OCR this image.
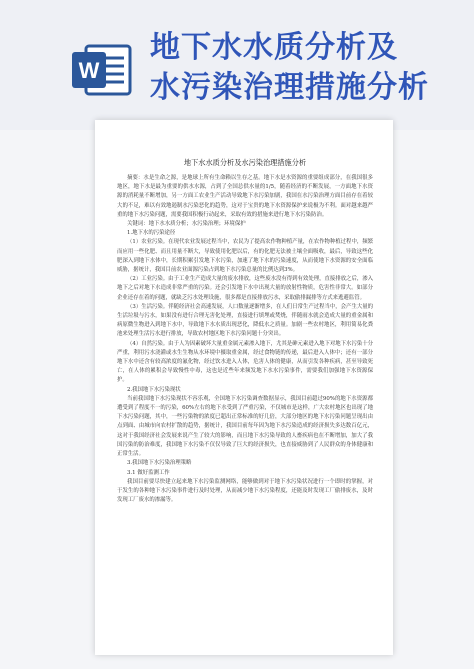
W
地下水水质分析及
水污染治理措施分析

地下水水质分析及水污染治理措施分析

摘要：水是生命之源，是地球上所有生命赖以生存之基。地下水是水资源的重要组成部分，在我国很多地区，地下水是最为重要的供水水源，占到了全国总供水量的1/5，随着经济的不断发展，一方面地下水资源的消耗量不断增加，另一方面工农业生产活动导致地下水污染加剧，我国在水污染治理方面目前存在着较大的不足，难以有效地遏制水污染恶化的趋势，这对于宝贵的地下水资源保护来说极为不利。面对越来越严重的地下水污染问题，需要我国积极行动起来，采取有效的措施来进行地下水污染防治。

关键词：地下水水质分析；水污染治理；环境保护

1.地下水的污染途径

（1）农业污染。在现代农业发展过程当中，农民为了提高农作物种植产量，在农作物种植过程中，频繁而应用一些化肥、而且用量不断大，导致使用化肥以后，有的化肥无法被土壤全面吸收，最后，导致这些化肥深入到地下水体中，长期积累引发地下水污染，加速了地下水的污染速度，从而使地下水资源的安全面临威胁，据统计，我国目前农业面源污染占到地下水污染总量的比例达到3%。

（2）工业污染。由于工业生产造成大量的废水排放，这些废水没有得到有效处理，直接排放之后，渗入地下之后对地下水造成非常严重的污染。还会引发地下水中出现大量的放射性物质，危害性非常大。如部分企业还存在着的问题，就缺乏污水处理设施，很多都是直接排放污水，采取偷排漏排等方式来逃避监管。

（3）生活污染。伴随经济社会高速发展，人口数量逐渐增多，在人们日常生产过程当中，会产生大量的生活垃圾与污水，如果没有进行合理无害化处理，直接进行填埋或焚烧，伴随雨水就会造成大量的重金属和病原微生物进入到地下水中，导致地下水水质出现恶化，降低水之质量。加剧一些农村地区，利用简易化粪池来处理生活污水进行排放，导致农村地区地下水污染问题十分突出。

（4）自然污染。由于人为因素破坏大量重金属元素渗入地下，尤其是砷元素进入地下对地下水污染十分严重，利用污水浇灌或水生生物从水环境中摄取重金属，经过食物链的传递，最后进入人体中；还有一部分地下水中还含有较高浓度的氟化物，经过饮水进入人体，危害人体的健康，从而引发各种疾病，甚至导致死亡，在人体的累积会导致慢性中毒，这也是近些年来频发地下水水污染事件，需要我们加强地下水资源保护。

2.我国地下水污染现状

当前我国地下水污染现状不容乐观，全国地下水污染调查数据显示，我国目前超过90%的地下水资源都遭受到了程度不一的污染，60%左右的地下水受到了严重污染，不仅城市是这样，广大农村地区也出现了地下水污染问题，其中，一些污染物的浓度已超出正常标准的好几倍，大部分地区的地下水污染问题呈现出由点到面、由城市向农村扩散的趋势，据统计，我国目前每年因为地下水污染造成的经济损失多达数百亿元，这对于我国经济社会发展来说产生了较大的影响，而且地下水污染导致的人畜疾病也在不断增加，加大了我国污染的防治难度，我国地下水污染不仅仅导致了巨大的经济损失，也直接威胁到了人民群众的身体健康和正常生活。

3.我国地下水污染治理策略

3.1 做好监测工作

我国目前要尽快建立起来地下水污染监测网络，能够做到对于地下水污染状况进行一个即时的掌握，对于发生的各种地下水污染事件进行及时处理，从而减少地下水污染程度，还能及时发现工厂偷排废水，及时发现工厂废水的渗漏等。
